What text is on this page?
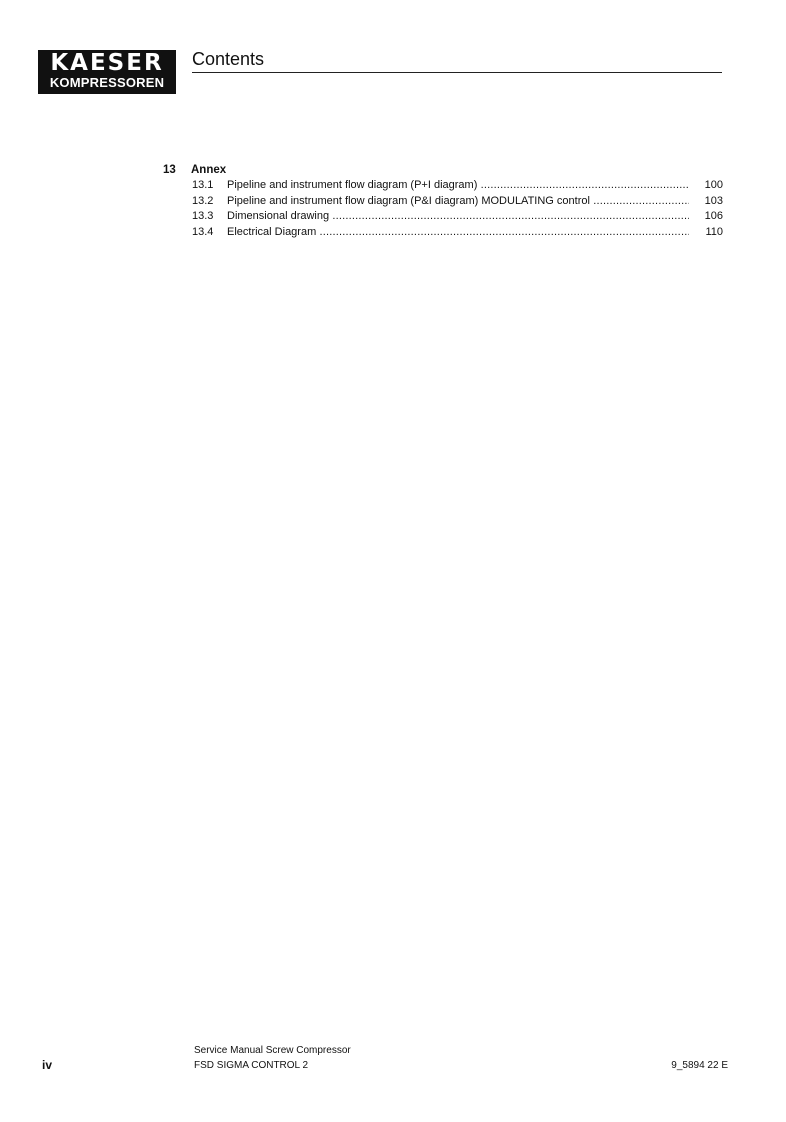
KAESER
KOMPRESSOREN
Contents
13 Annex
13.1 Pipeline and instrument flow diagram (P+I diagram) .....	100
13.2 Pipeline and instrument flow diagram (P&I diagram) MODULATING control .....	103
13.3 Dimensional drawing .....	106
13.4 Electrical Diagram .....	110
Service Manual Screw Compressor
iv	FSD SIGMA CONTROL 2	9_5894 22 E
